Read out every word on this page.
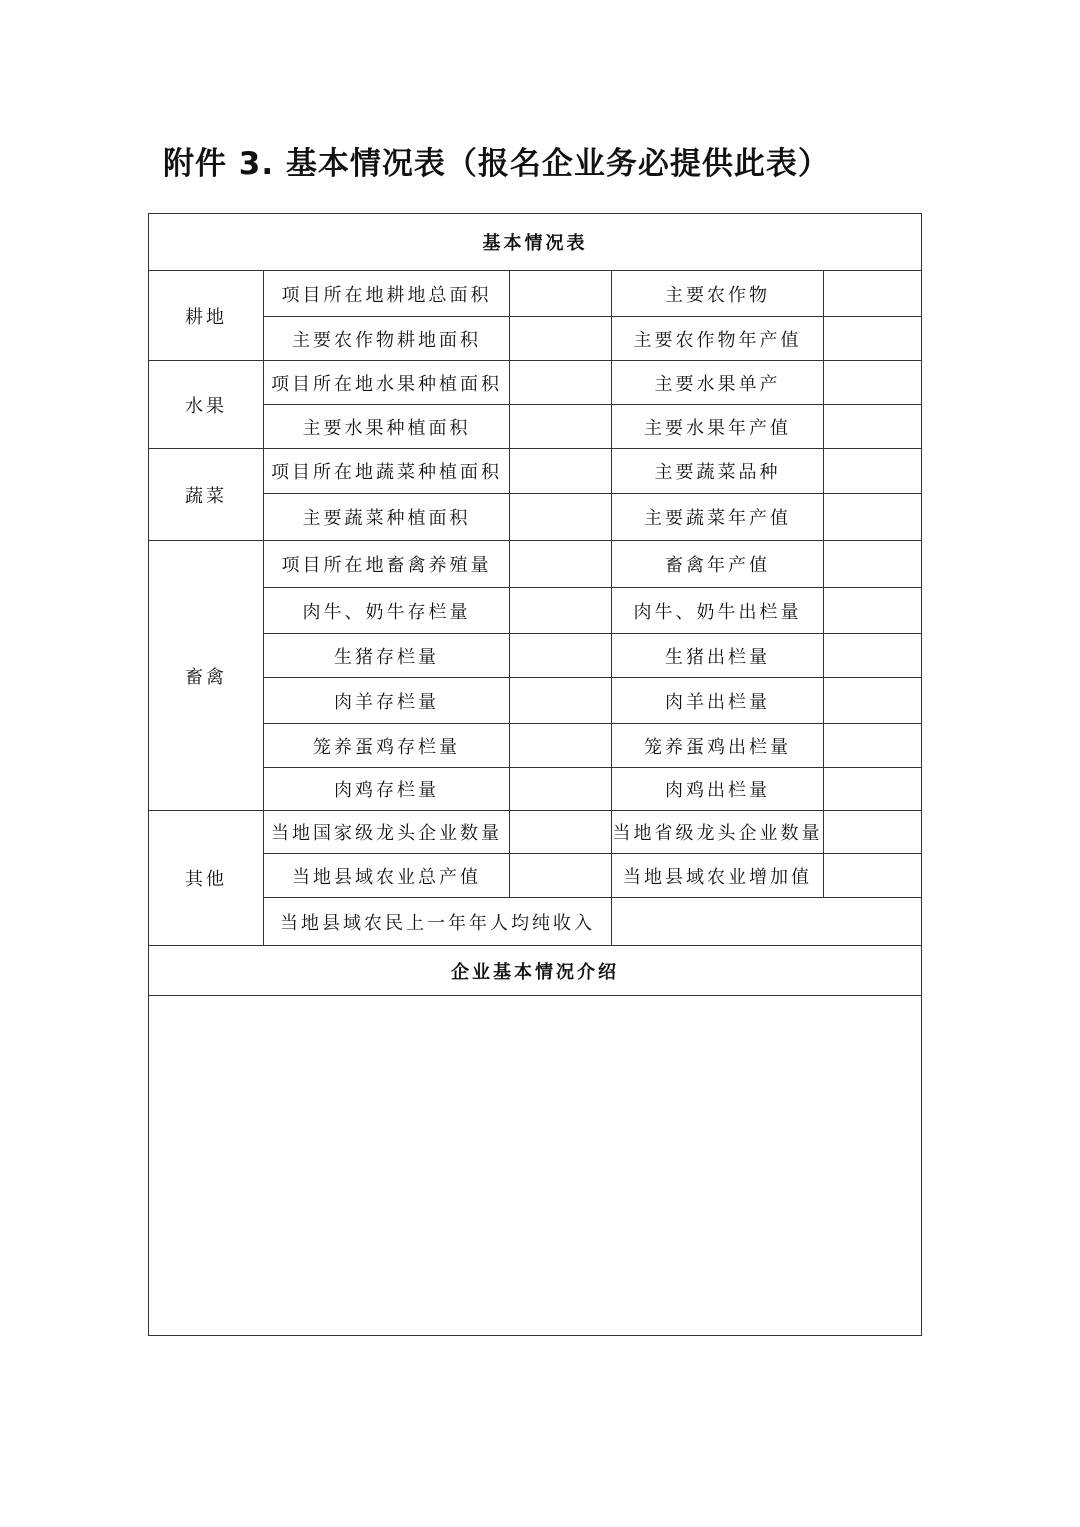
附件 3. 基本情况表（报名企业务必提供此表）
基本情况表				
耕地	项目所在地耕地总面积		主要农作物	
	主要农作物耕地面积		主要农作物年产值	
水果	项目所在地水果种植面积		主要水果单产	
	主要水果种植面积		主要水果年产值	
蔬菜	项目所在地蔬菜种植面积		主要蔬菜品种	
	主要蔬菜种植面积		主要蔬菜年产值	
畜禽	项目所在地畜禽养殖量		畜禽年产值	
	肉牛、奶牛存栏量		肉牛、奶牛出栏量	
	生猪存栏量		生猪出栏量	
	肉羊存栏量		肉羊出栏量	
	笼养蛋鸡存栏量		笼养蛋鸡出栏量	
	肉鸡存栏量		肉鸡出栏量	
其他	当地国家级龙头企业数量		当地省级龙头企业数量	
	当地县域农业总产值		当地县域农业增加值	
	当地县域农民上一年年人均纯收入			
企业基本情况介绍				
